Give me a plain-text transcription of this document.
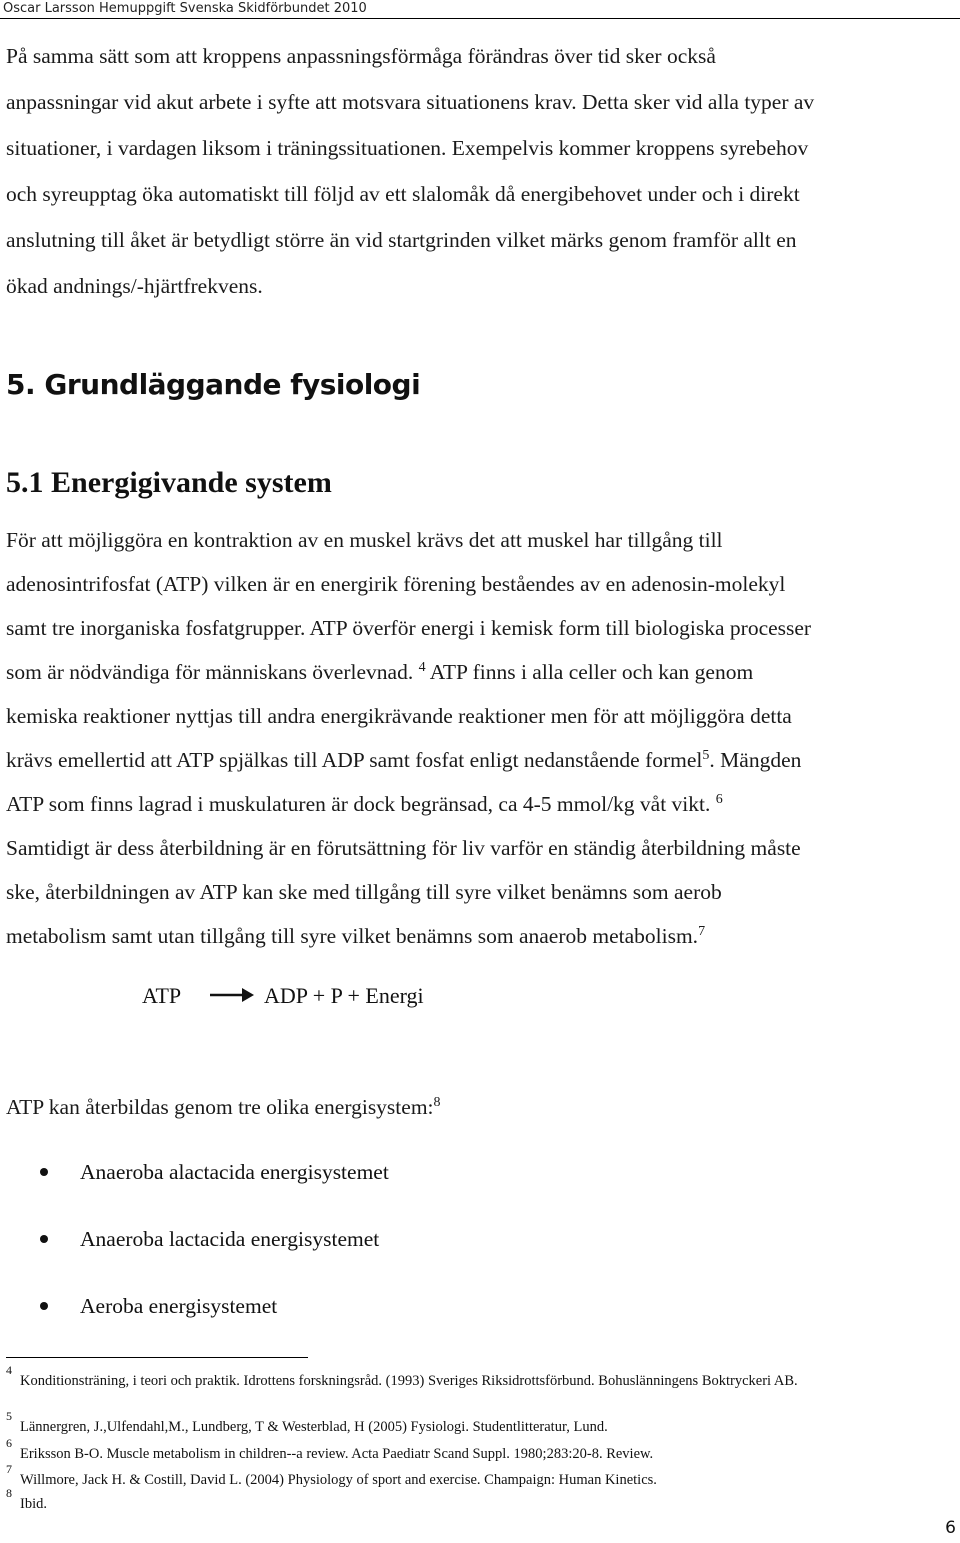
Oscar Larsson Hemuppgift Svenska Skidförbundet 2010
På samma sätt som att kroppens anpassningsförmåga förändras över tid sker också
anpassningar vid akut arbete i syfte att motsvara situationens krav. Detta sker vid alla typer av
situationer, i vardagen liksom i träningssituationen. Exempelvis kommer kroppens syrebehov
och syreupptag öka automatiskt till följd av ett slalomåk då energibehovet under och i direkt
anslutning till åket är betydligt större än vid startgrinden vilket märks genom framför allt en
ökad andnings/-hjärtfrekvens.
5. Grundläggande fysiologi
5.1 Energigivande system
För att möjliggöra en kontraktion av en muskel krävs det att muskel har tillgång till
adenosintrifosfat (ATP) vilken är en energirik förening beståendes av en adenosin-molekyl
samt tre inorganiska fosfatgrupper. ATP överför energi i kemisk form till biologiska processer
som är nödvändiga för människans överlevnad. $^4$ ATP finns i alla celler och kan genom
kemiska reaktioner nyttjas till andra energikrävande reaktioner men för att möjliggöra detta
krävs emellertid att ATP spjälkas till ADP samt fosfat enligt nedanstående formel$^5$. Mängden
ATP som finns lagrad i muskulaturen är dock begränsad, ca 4-5 mmol/kg våt vikt. $^6$
Samtidigt är dess återbildning är en förutsättning för liv varför en ständig återbildning måste
ske, återbildningen av ATP kan ske med tillgång till syre vilket benämns som aerob
metabolism samt utan tillgång till syre vilket benämns som anaerob metabolism.$^7$
ATP	ADP + P + Energi
ATP kan återbildas genom tre olika energisystem:$^8$
Anaeroba alactacida energisystemet
Anaeroba lactacida energisystemet
Aeroba energisystemet
4
Konditionsträning, i teori och praktik. Idrottens forskningsråd. (1993) Sveriges Riksidrottsförbund. Bohuslänningens Boktryckeri AB.
5
Lännergren, J.,Ulfendahl,M., Lundberg, T & Westerblad, H (2005) Fysiologi. Studentlitteratur, Lund.
6
Eriksson B-O. Muscle metabolism in children--a review. Acta Paediatr Scand Suppl. 1980;283:20-8. Review.
7
Willmore, Jack H. & Costill, David L. (2004) Physiology of sport and exercise. Champaign: Human Kinetics.
8
Ibid.
6
